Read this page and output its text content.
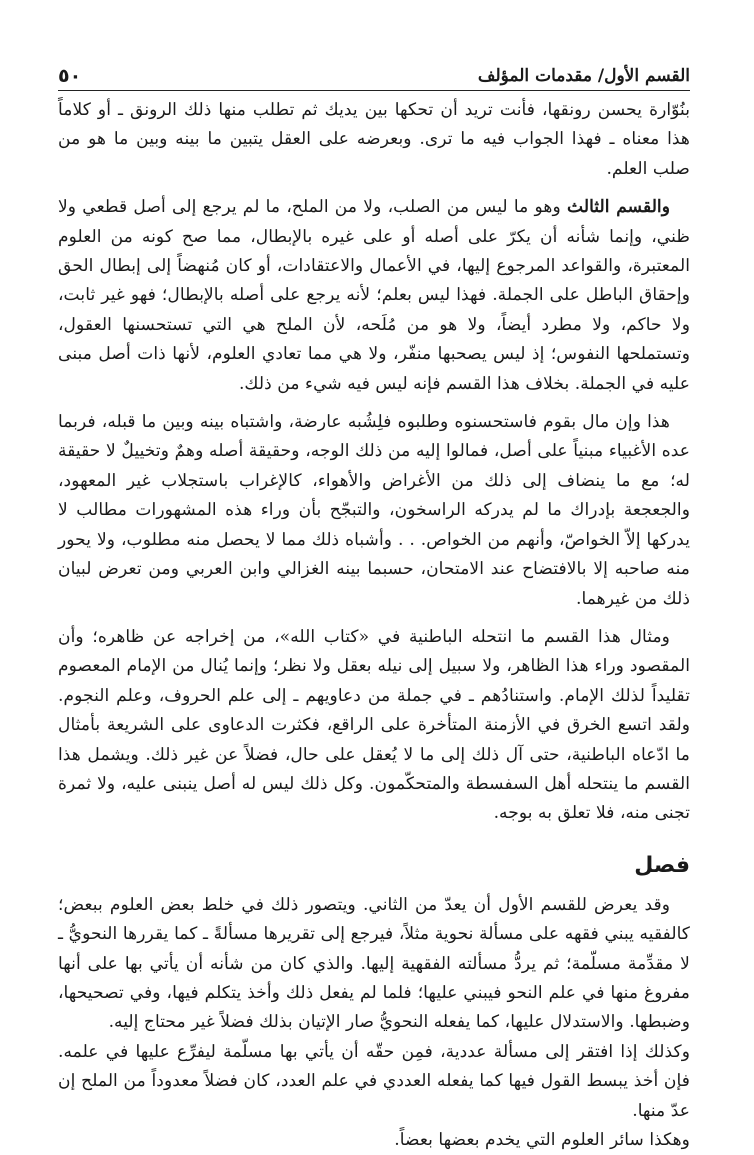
٥٠	القسم الأول/ مقدمات المؤلف

بنُوّارة يحسن رونقها، فأنت تريد أن تحكها بين يديك ثم تطلب منها ذلك الرونق ـ أو كلاماً هذا معناه ـ فهذا الجواب فيه ما ترى. وبعرضه على العقل يتبين ما بينه وبين ما هو من صلب العلم.

والقسم الثالث وهو ما ليس من الصلب، ولا من الملح، ما لم يرجع إلى أصل قطعي ولا ظني، وإنما شأنه أن يكرّ على أصله أو على غيره بالإبطال، مما صح كونه من العلوم المعتبرة، والقواعد المرجوع إليها، في الأعمال والاعتقادات، أو كان مُنهضاً إلى إبطال الحق وإحقاق الباطل على الجملة. فهذا ليس بعلم؛ لأنه يرجع على أصله بالإبطال؛ فهو غير ثابت، ولا حاكم، ولا مطرد أيضاً، ولا هو من مُلَحه، لأن الملح هي التي تستحسنها العقول، وتستملحها النفوس؛ إذ ليس يصحبها منفّر، ولا هي مما تعادي العلوم، لأنها ذات أصل مبنى عليه في الجملة. بخلاف هذا القسم فإنه ليس فيه شيء من ذلك.

هذا وإن مال بقوم فاستحسنوه وطلبوه فلِشُبه عارضة، واشتباه بينه وبين ما قبله، فربما عده الأغبياء مبنياً على أصل، فمالوا إليه من ذلك الوجه، وحقيقة أصله وهمٌ وتخييلٌ لا حقيقة له؛ مع ما ينضاف إلى ذلك من الأغراض والأهواء، كالإغراب باستجلاب غير المعهود، والجعجعة بإدراك ما لم يدركه الراسخون، والتبجّح بأن وراء هذه المشهورات مطالب لا يدركها إلاّ الخواصّ، وأنهم من الخواص. . . وأشباه ذلك مما لا يحصل منه مطلوب، ولا يحور منه صاحبه إلا بالافتضاح عند الامتحان، حسبما بينه الغزالي وابن العربي ومن تعرض لبيان ذلك من غيرهما.

ومثال هذا القسم ما انتحله الباطنية في «كتاب الله»، من إخراجه عن ظاهره؛ وأن المقصود وراء هذا الظاهر، ولا سبيل إلى نيله بعقل ولا نظر؛ وإنما يُنال من الإمام المعصوم تقليداً لذلك الإمام. واستنادُهم ـ في جملة من دعاويهم ـ إلى علم الحروف، وعلم النجوم. ولقد اتسع الخرق في الأزمنة المتأخرة على الراقع، فكثرت الدعاوى على الشريعة بأمثال ما ادّعاه الباطنية، حتى آل ذلك إلى ما لا يُعقل على حال، فضلاً عن غير ذلك. ويشمل هذا القسم ما ينتحله أهل السفسطة والمتحكّمون. وكل ذلك ليس له أصل ينبنى عليه، ولا ثمرة تجنى منه، فلا تعلق به بوجه.

فصل

وقد يعرض للقسم الأول أن يعدّ من الثاني. ويتصور ذلك في خلط بعض العلوم ببعض؛ كالفقيه يبني فقهه على مسألة نحوية مثلاً، فيرجع إلى تقريرها مسألةً ـ كما يقررها النحويُّ ـ لا مقدِّمة مسلّمة؛ ثم يردُّ مسألته الفقهية إليها. والذي كان من شأنه أن يأتي بها على أنها مفروغ منها في علم النحو فيبني عليها؛ فلما لم يفعل ذلك وأخذ يتكلم فيها، وفي تصحيحها، وضبطها. والاستدلال عليها، كما يفعله النحويُّ صار الإتيان بذلك فضلاً غير محتاج إليه.

وكذلك إذا افتقر إلى مسألة عددية، فمِن حقّه أن يأتي بها مسلّمة ليفرِّع عليها في علمه. فإن أخذ يبسط القول فيها كما يفعله العددي في علم العدد، كان فضلاً معدوداً من الملح إن عدّ منها.

وهكذا سائر العلوم التي يخدم بعضها بعضاً.
